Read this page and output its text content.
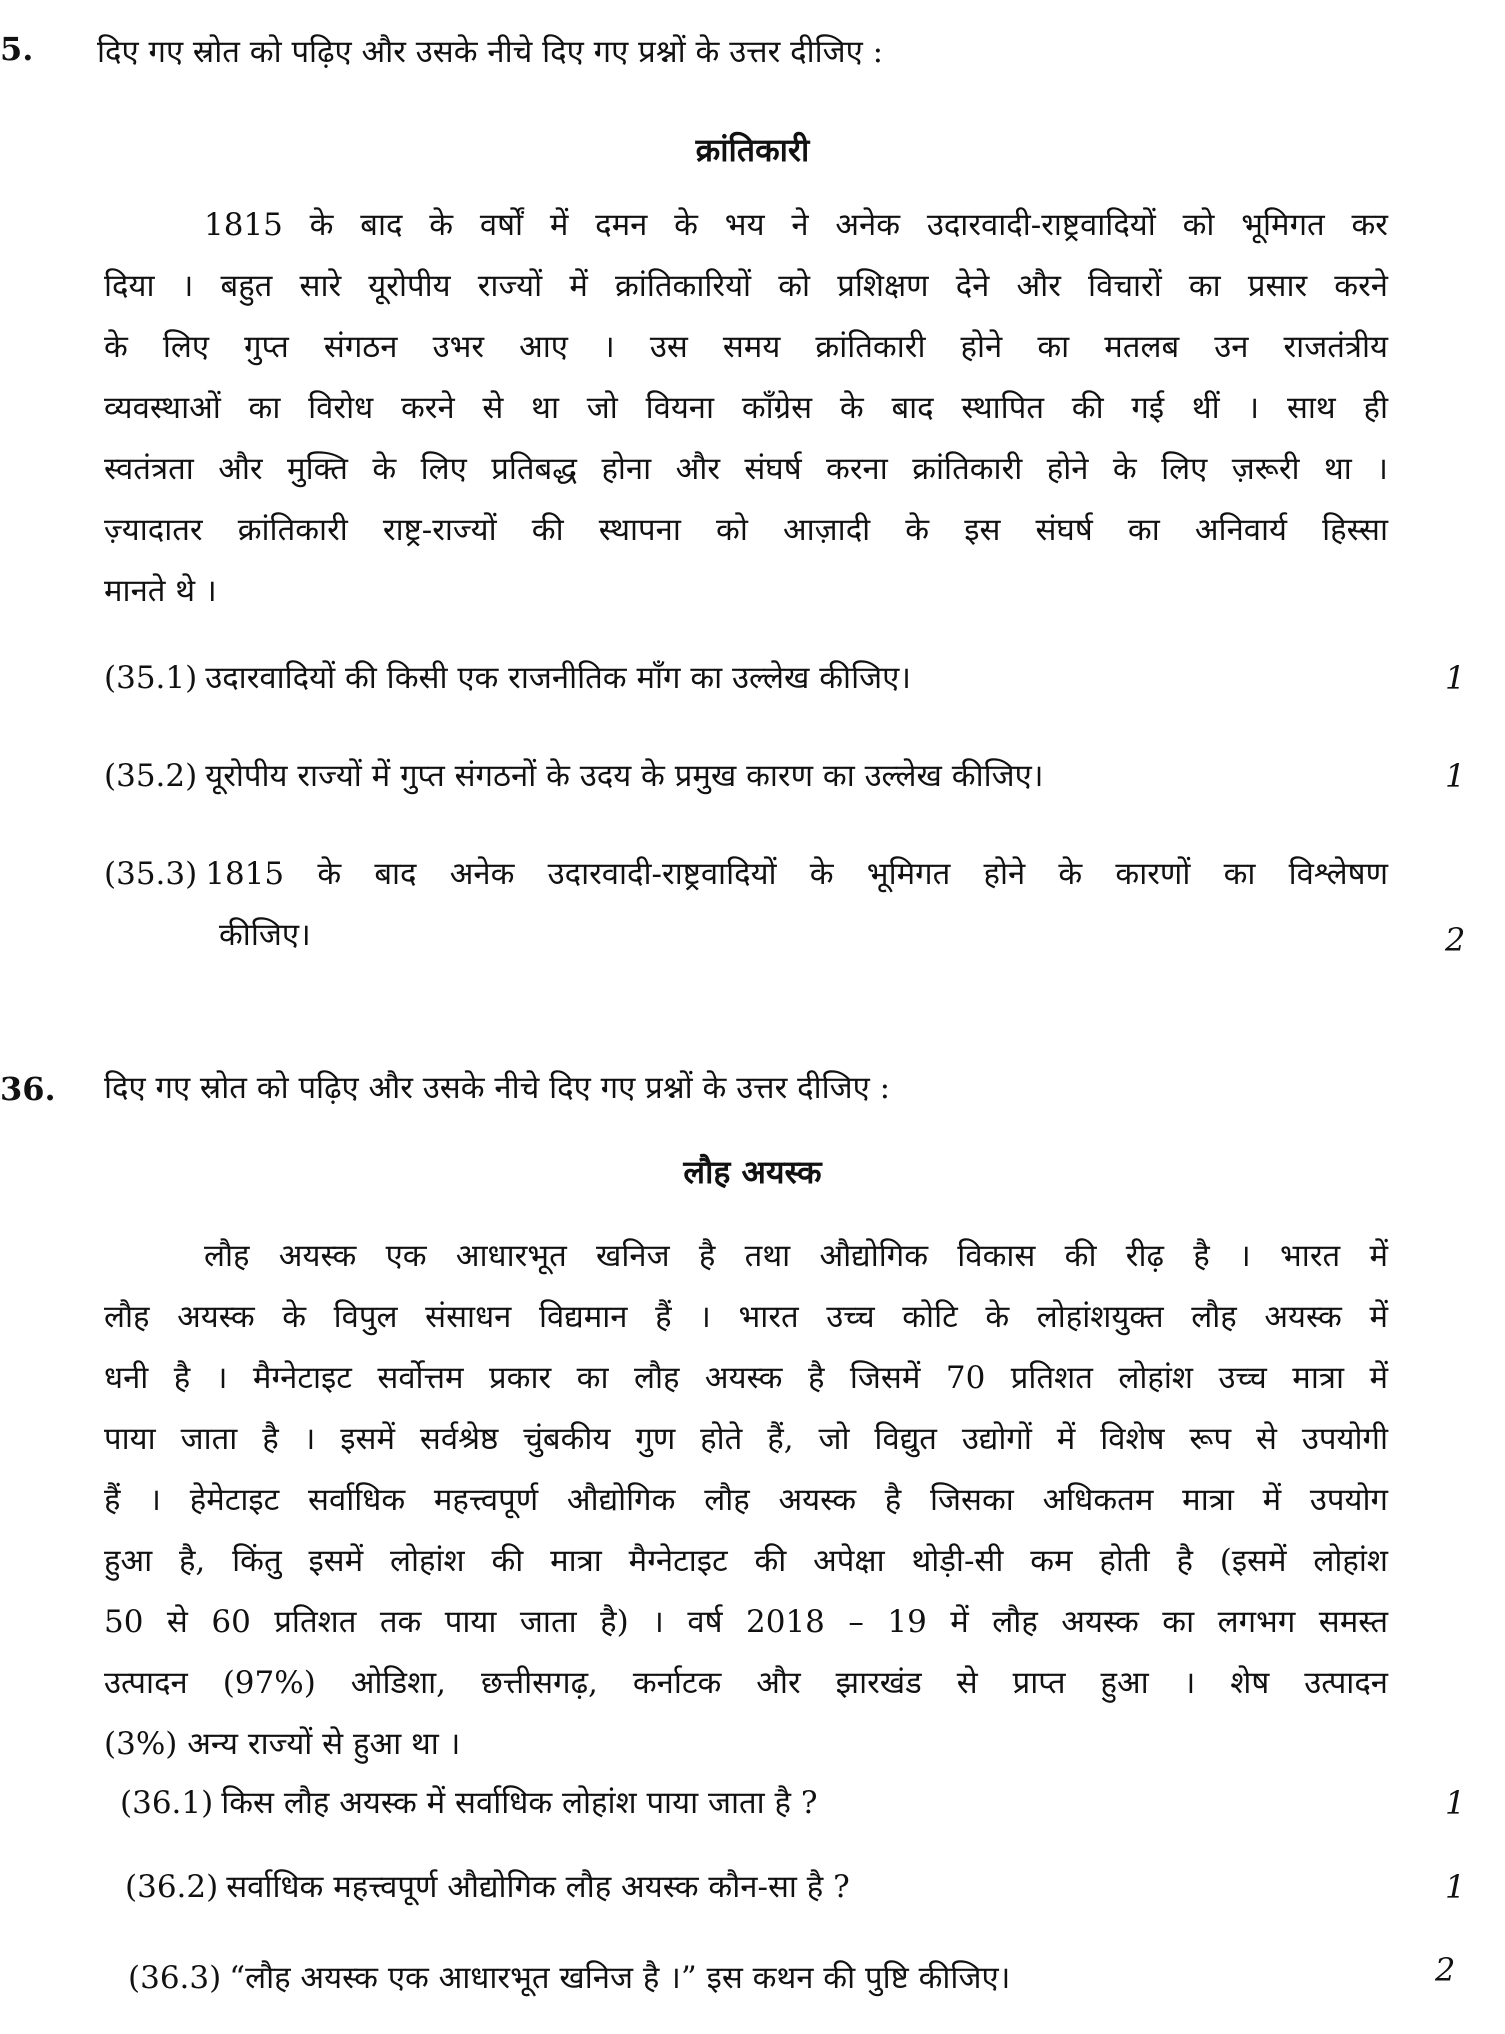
5. दिए गए स्रोत को पढ़िए और उसके नीचे दिए गए प्रश्नों के उत्तर दीजिए :
क्रांतिकारी
1815 के बाद के वर्षों में दमन के भय ने अनेक उदारवादी-राष्ट्रवादियों को भूमिगत कर
दिया । बहुत सारे यूरोपीय राज्यों में क्रांतिकारियों को प्रशिक्षण देने और विचारों का प्रसार करने
के लिए गुप्त संगठन उभर आए । उस समय क्रांतिकारी होने का मतलब उन राजतंत्रीय
व्यवस्थाओं का विरोध करने से था जो वियना काँग्रेस के बाद स्थापित की गई थीं । साथ ही
स्वतंत्रता और मुक्ति के लिए प्रतिबद्ध होना और संघर्ष करना क्रांतिकारी होने के लिए ज़रूरी था ।
ज़्यादातर क्रांतिकारी राष्ट्र-राज्यों की स्थापना को आज़ादी के इस संघर्ष का अनिवार्य हिस्सा
मानते थे ।
(35.1) उदारवादियों की किसी एक राजनीतिक माँग का उल्लेख कीजिए।	1
(35.2) यूरोपीय राज्यों में गुप्त संगठनों के उदय के प्रमुख कारण का उल्लेख कीजिए।	1
(35.3) 1815 के बाद अनेक उदारवादी-राष्ट्रवादियों के भूमिगत होने के कारणों का विश्लेषण
कीजिए।	2
36. दिए गए स्रोत को पढ़िए और उसके नीचे दिए गए प्रश्नों के उत्तर दीजिए :
लौह अयस्क
लौह अयस्क एक आधारभूत खनिज है तथा औद्योगिक विकास की रीढ़ है । भारत में
लौह अयस्क के विपुल संसाधन विद्यमान हैं । भारत उच्च कोटि के लोहांशयुक्त लौह अयस्क में
धनी है । मैग्नेटाइट सर्वोत्तम प्रकार का लौह अयस्क है जिसमें 70 प्रतिशत लोहांश उच्च मात्रा में
पाया जाता है । इसमें सर्वश्रेष्ठ चुंबकीय गुण होते हैं, जो विद्युत उद्योगों में विशेष रूप से उपयोगी
हैं । हेमेटाइट सर्वाधिक महत्त्वपूर्ण औद्योगिक लौह अयस्क है जिसका अधिकतम मात्रा में उपयोग
हुआ है, किंतु इसमें लोहांश की मात्रा मैग्नेटाइट की अपेक्षा थोड़ी-सी कम होती है (इसमें लोहांश
50 से 60 प्रतिशत तक पाया जाता है) । वर्ष 2018 – 19 में लौह अयस्क का लगभग समस्त
उत्पादन (97%) ओडिशा, छत्तीसगढ़, कर्नाटक और झारखंड से प्राप्त हुआ । शेष उत्पादन
(3%) अन्य राज्यों से हुआ था ।
(36.1) किस लौह अयस्क में सर्वाधिक लोहांश पाया जाता है ?	1
(36.2) सर्वाधिक महत्त्वपूर्ण औद्योगिक लौह अयस्क कौन-सा है ?	1
(36.3) “लौह अयस्क एक आधारभूत खनिज है ।” इस कथन की पुष्टि कीजिए।	2
